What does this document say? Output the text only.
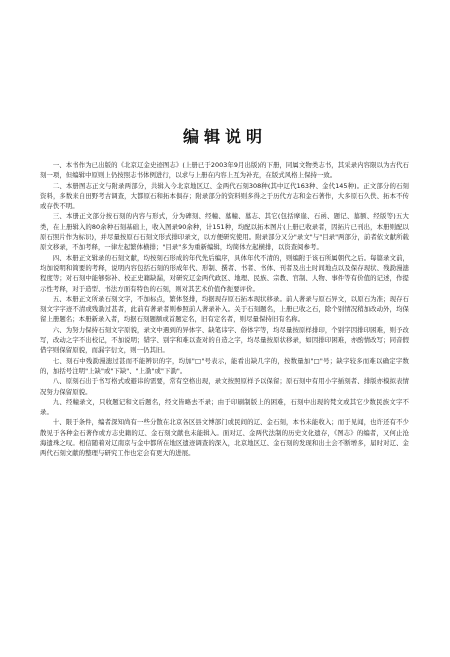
编辑说明

一、本书作为已出版的《北京辽金史迹图志》(上册已于2003年9月出版)的下册，同属文物类志书，其采录内容限以为古代石刻一项，但编辑中原则上仍按照志书体例进行，以求与上册在内容上互为补充，在版式风格上保持一致。

二、本册图志正文与附录两部分，共辑入今北京地区辽、金两代石刻308种(其中辽代163种、金代145种)。正文部分的石刻资料，多数来自田野考古调查，大都原石和拓本俱存；附录部分的资料则多得之于历代方志和金石著作，大多原石久佚、拓本不传或存佚不明。

三、本册正文部分按石刻的内容与形式，分为碑刻、经幢、墓幢、墓志、其它(包括摩崖、石函、题记、墓额、经版等)五大类，在上册辑入的80余种石刻基础上，收入图录90余种，计151种，均配以拓本图片(上册已收录者，因拓片已刊出，本册则配以原石照片作为标识)，并尽量按原石石刻文形式排印录文，以方便研究使用。附录部分又分"录文"与"目录"两部分，前者依文献所载原文移录，不加考释，一律左起繁体横排；"目录"多为重新编辑，均简体左起横排，以资查阅参考。

四、本册正文辑录的石刻文献，均按刻石形成的年代先后编序，具体年代不清的，则编附于该石所属朝代之后。每篇录文前，均加说明和简要的考释，说明内容包括石刻的形成年代、形制、撰者、书者、书体、刊者及出土时间地点以及保存现状、残泐漫漶程度等；对石刻中能够弥补、校正史籍缺漏，对研究辽金两代政区、地理、民族、宗教、官制、人物、事件等有价值的记述，作提示性考释，对于造型、书法方面有特色的石刻，则对其艺术价值作扼要评价。

五、本册正文所录石刻文字，不加标点，繁体竖排，均据现存原石拓本现状移录。前人著录与原石异文，以原石为准；现存石刻文字字迹不清或残泐过甚者，此前有著录者则参照前人著录补入。关于石刻题名，上册已收之石，除个别情况稍加改动外，均保留上册题名；本册新录入者，均据石刻题额或首题定名，旧有定名者，则尽量保持旧有名称。

六、为努力保持石刻文字原貌，录文中遇到的异体字、缺笔讳字、俗体字等，均尽量按原样排印，个别字因排印困难，则予改写，改动之字不出校记，不加说明；错字、别字和难以查对的自造之字，均尽量按原状移录，如因排印困难，亦酌情改写；同音假借字则保留原貌，而漏字衍文，则一仍其旧。

七、刻石中残泐漫漶过甚而不能辨识的字，均加"□"号表示，能看出缺几字的，按数量加"□"号；缺字较多而难以确定字数的，加括号注明"上缺"或"下缺"、"上泐"或"下泐"。

八、原刻石出于书写格式或避讳的需要，常有空格出现，录文按照原样予以保留；原石刻中有用小字插刻者、排版亦模拟表情况努力保留原貌。

九、经幢录文，只收题记和文后题名，经文皆略去不录；由于印刷制版上的困难，石刻中出现的梵文或其它少数民族文字不录。

十、限于条件，编者深知尚有一些分散在北京各区县文博部门或民间的辽、金石刻，本书未能收入；而于见闻，也许还有不少散见于各种金石著作或方志史籍的辽、金石刻文献也未能辑入。面对辽、金两代法制的历史文化遗存，《图志》的编者，又何止沧海遗珠之叹。相信随着对辽南京与金中都所在地区遗迹调查的深入，北京地区辽、金石刻的发现和出土会不断增多，届时对辽、金两代石刻文献的整理与研究工作也定会有更大的进展。
